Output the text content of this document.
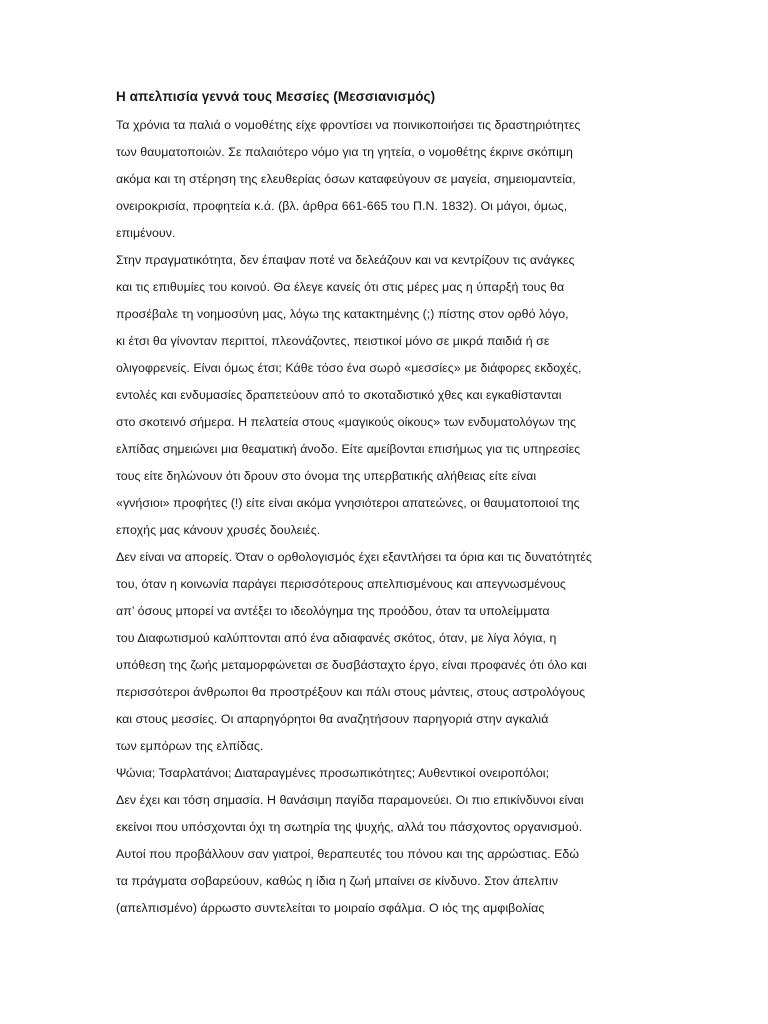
Η απελπισία γεννά τους Μεσσίες (Μεσσιανισμός)
Τα χρόνια τα παλιά ο νομοθέτης είχε φροντίσει να ποινικοποιήσει τις δραστηριότητες
των θαυματοποιών. Σε παλαιότερο νόμο για τη γητεία, ο νομοθέτης έκρινε σκόπιμη
ακόμα και τη στέρηση της ελευθερίας όσων καταφεύγουν σε μαγεία, σημειομαντεία,
ονειροκρισία, προφητεία κ.ά. (βλ. άρθρα 661-665 του Π.Ν. 1832). Οι μάγοι, όμως,
επιμένουν.
Στην πραγματικότητα, δεν έπαψαν ποτέ να δελεάζουν και να κεντρίζουν τις ανάγκες
και τις επιθυμίες του κοινού. Θα έλεγε κανείς ότι στις μέρες μας η ύπαρξή τους θα
προσέβαλε τη νοημοσύνη μας, λόγω της κατακτημένης (;) πίστης στον ορθό λόγο,
κι έτσι θα γίνονταν περιττοί, πλεονάζοντες, πειστικοί μόνο σε μικρά παιδιά ή σε
ολιγοφρενείς. Είναι όμως έτσι; Κάθε τόσο ένα σωρό «μεσσίες» με διάφορες εκδοχές,
εντολές και ενδυμασίες δραπετεύουν από το σκοταδιστικό χθες και εγκαθίστανται
στο σκοτεινό σήμερα. Η πελατεία στους «μαγικούς οίκους» των ενδυματολόγων της
ελπίδας σημειώνει μια θεαματική άνοδο. Είτε αμείβονται επισήμως για τις υπηρεσίες
τους είτε δηλώνουν ότι δρουν στο όνομα της υπερβατικής αλήθειας είτε είναι
«γνήσιοι» προφήτες (!) είτε είναι ακόμα γνησιότεροι απατεώνες, οι θαυματοποιοί της
εποχής μας κάνουν χρυσές δουλειές.
Δεν είναι να απορείς. Όταν ο ορθολογισμός έχει εξαντλήσει τα όρια και τις δυνατότητές
του, όταν η κοινωνία παράγει περισσότερους απελπισμένους και απεγνωσμένους
απ’ όσους μπορεί να αντέξει το ιδεολόγημα της προόδου, όταν τα υπολείμματα
του Διαφωτισμού καλύπτονται από ένα αδιαφανές σκότος, όταν, με λίγα λόγια, η
υπόθεση της ζωής μεταμορφώνεται σε δυσβάσταχτο έργο, είναι προφανές ότι όλο και
περισσότεροι άνθρωποι θα προστρέξουν και πάλι στους μάντεις, στους αστρολόγους
και στους μεσσίες. Οι απαρηγόρητοι θα αναζητήσουν παρηγοριά στην αγκαλιά
των εμπόρων της ελπίδας.
Ψώνια; Τσαρλατάνοι; Διαταραγμένες προσωπικότητες; Αυθεντικοί ονειροπόλοι;
Δεν έχει και τόση σημασία. Η θανάσιμη παγίδα παραμονεύει. Οι πιο επικίνδυνοι είναι
εκείνοι που υπόσχονται όχι τη σωτηρία της ψυχής, αλλά του πάσχοντος οργανισμού.
Αυτοί που προβάλλουν σαν γιατροί, θεραπευτές του πόνου και της αρρώστιας. Εδώ
τα πράγματα σοβαρεύουν, καθώς η ίδια η ζωή μπαίνει σε κίνδυνο. Στον άπελπιν
(απελπισμένο) άρρωστο συντελείται το μοιραίο σφάλμα. Ο ιός της αμφιβολίας
